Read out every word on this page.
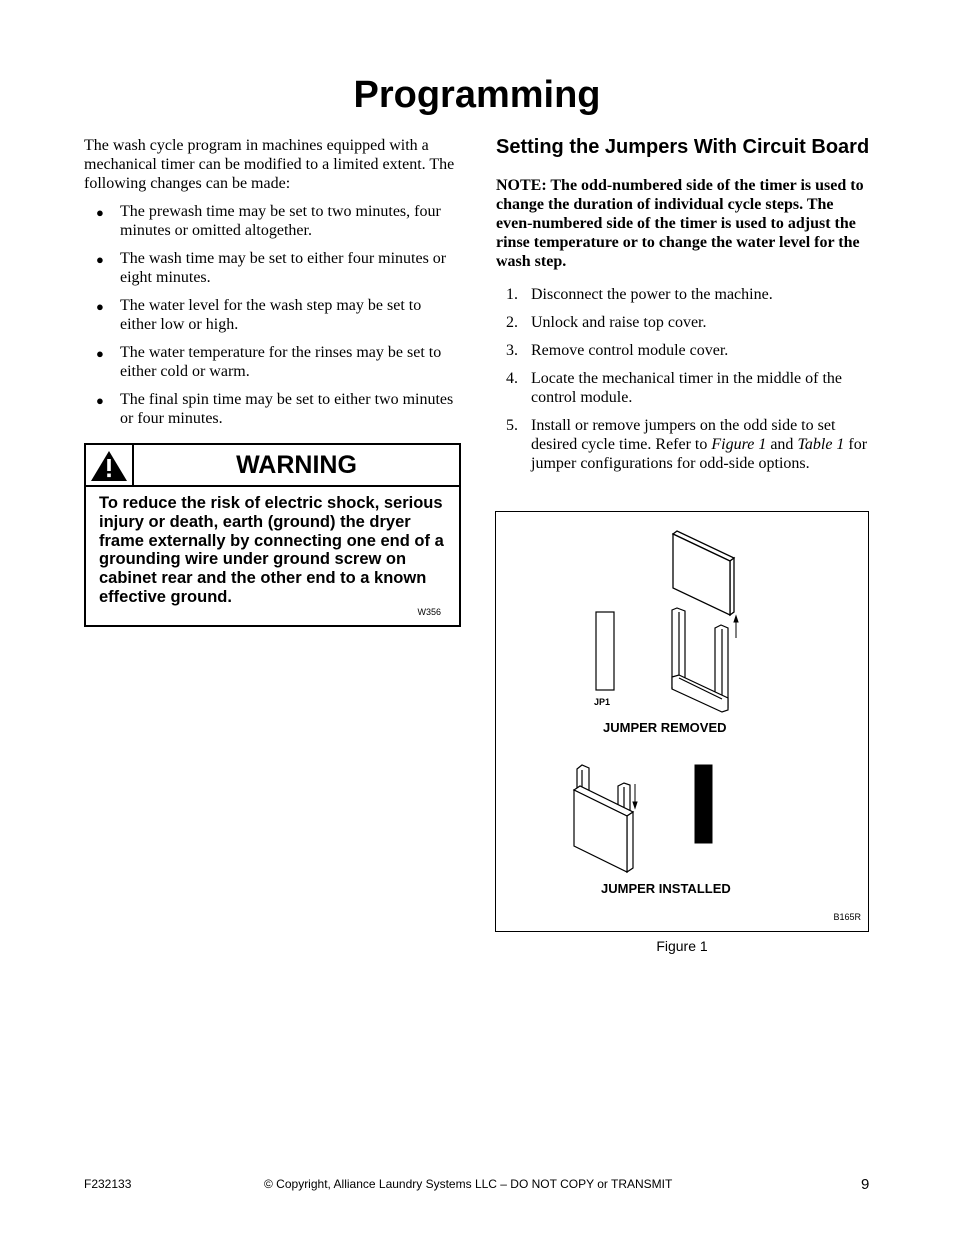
Programming

The wash cycle program in machines equipped with a mechanical timer can be modified to a limited extent. The following changes can be made:

● The prewash time may be set to two minutes, four minutes or omitted altogether.
● The wash time may be set to either four minutes or eight minutes.
● The water level for the wash step may be set to either low or high.
● The water temperature for the rinses may be set to either cold or warm.
● The final spin time may be set to either two minutes or four minutes.
WARNING

To reduce the risk of electric shock, serious injury or death, earth (ground) the dryer frame externally by connecting one end of a grounding wire under ground screw on cabinet rear and the other end to a known effective ground.

W356
Setting the Jumpers With Circuit Board

NOTE: The odd-numbered side of the timer is used to change the duration of individual cycle steps. The even-numbered side of the timer is used to adjust the rinse temperature or to change the water level for the wash step.

1. Disconnect the power to the machine.
2. Unlock and raise top cover.
3. Remove control module cover.
4. Locate the mechanical timer in the middle of the control module.
5. Install or remove jumpers on the odd side to set desired cycle time. Refer to Figure 1 and Table 1 for jumper configurations for odd-side options.
JP1
JUMPER REMOVED
JUMPER INSTALLED
B165R
Figure 1
F232133	© Copyright, Alliance Laundry Systems LLC – DO NOT COPY or TRANSMIT	9
